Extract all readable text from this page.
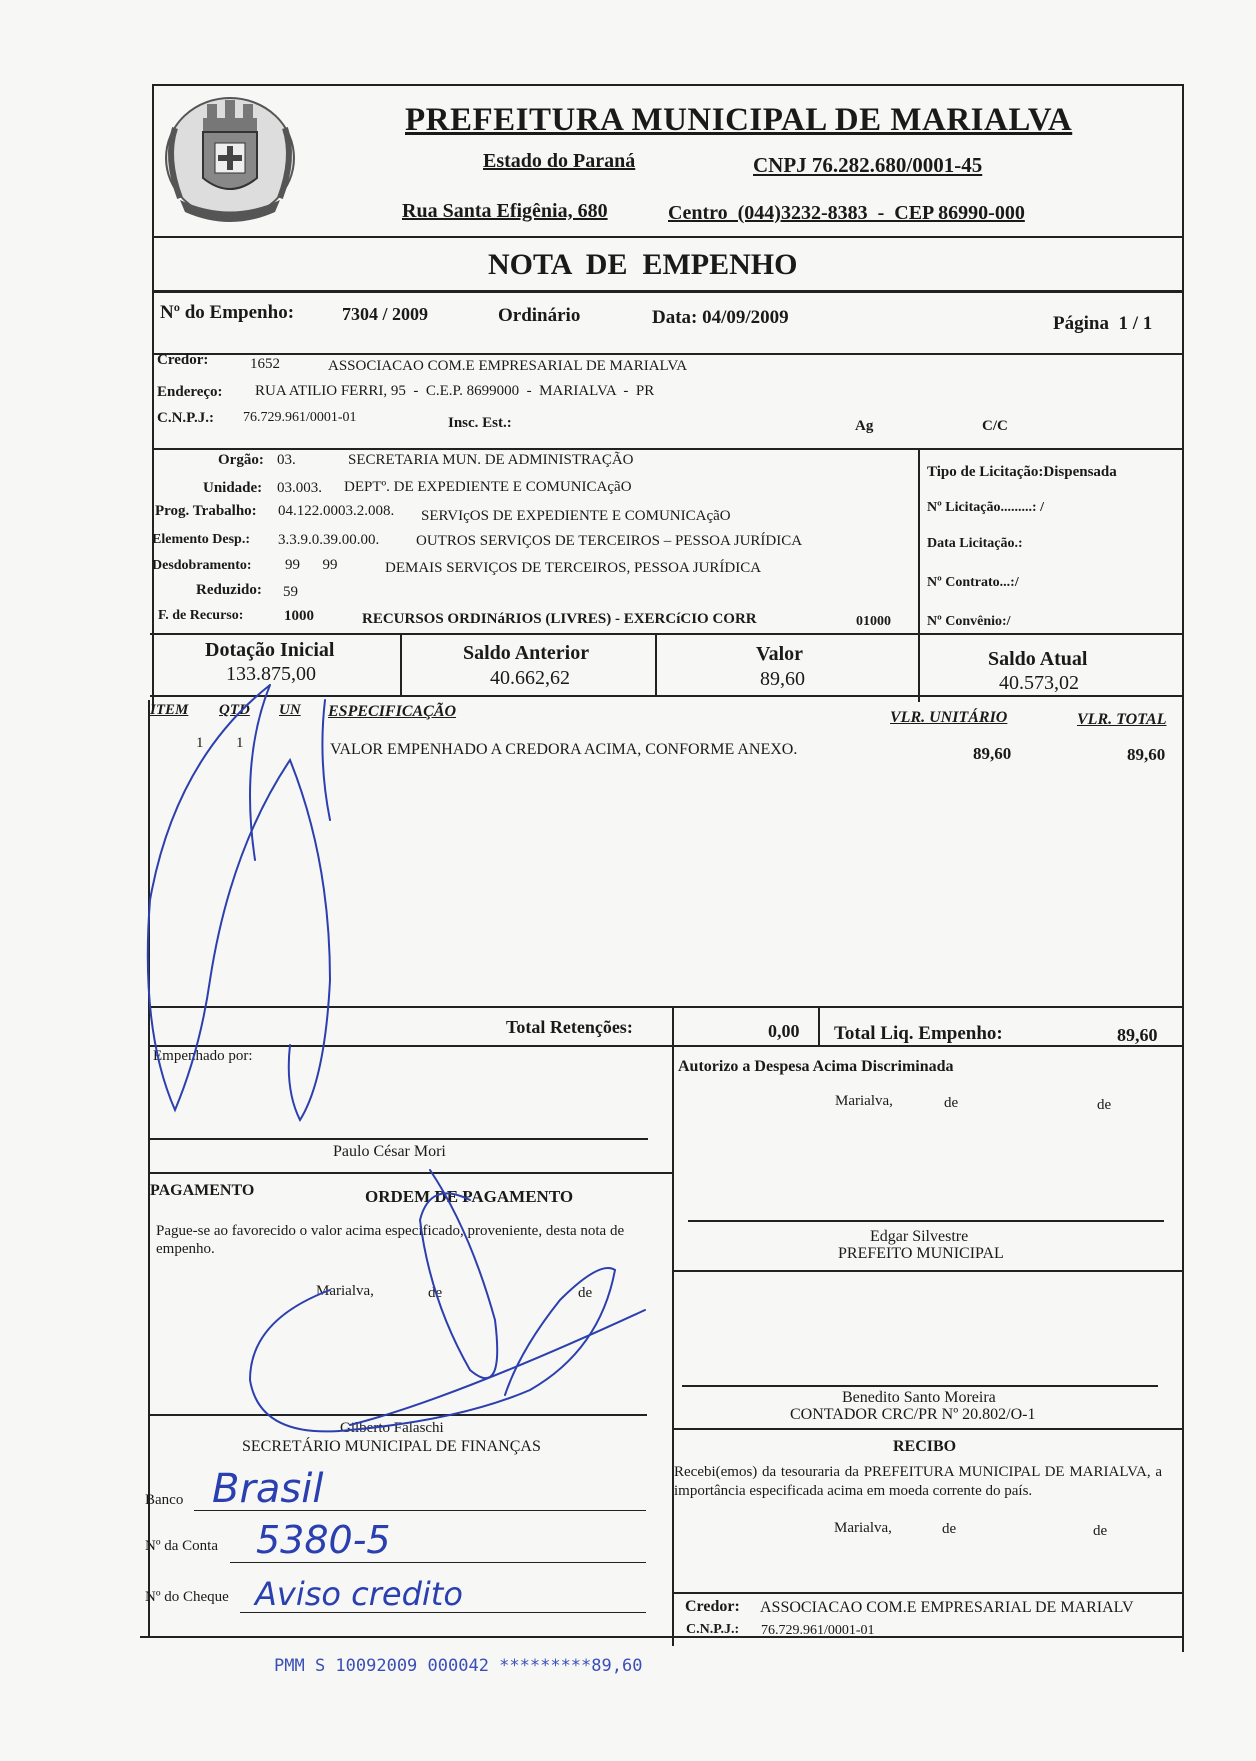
PREFEITURA MUNICIPAL DE MARIALVA
Estado do Paraná	CNPJ 76.282.680/0001-45
Rua Santa Efigênia, 680	Centro  (044)3232-8383  -  CEP 86990-000
NOTA  DE  EMPENHO
Nº do Empenho:	7304 / 2009	Ordinário	Data: 04/09/2009	Página  1 / 1
Credor:	1652	ASSOCIACAO COM.E EMPRESARIAL DE MARIALVA
Endereço: RUA ATILIO FERRI, 95  -  C.E.P. 8699000  -  MARIALVA  -  PR
C.N.P.J.: 76.729.961/0001-01	Insc. Est.:	Ag	C/C
Orgão: 03.	SECRETARIA MUN. DE ADMINISTRAÇÃO
Unidade: 03.003. DEPTº. DE EXPEDIENTE E COMUNICAçãO
Prog. Trabalho: 04.122.0003.2.008. SERVIçOS DE EXPEDIENTE E COMUNICAçãO
Elemento Desp.: 3.3.9.0.39.00.00. OUTROS SERVIÇOS DE TERCEIROS – PESSOA JURÍDICA
Desdobramento: 99      99	DEMAIS SERVIÇOS DE TERCEIROS, PESSOA JURÍDICA
Reduzido: 59
F. de Recurso:	1000	RECURSOS ORDINáRIOS (LIVRES) - EXERCíCIO CORR	01000
Tipo de Licitação:Dispensada
Nº Licitação.........: /
Data Licitação.:
Nº Contrato...:/
Nº Convênio:/
Dotação Inicial
133.875,00
Saldo Anterior
40.662,62
Valor
89,60
Saldo Atual
40.573,02
ITEM QTD UN ESPECIFICAÇÃO	VLR. UNITÁRIO	VLR. TOTAL
1 1	VALOR EMPENHADO A CREDORA ACIMA, CONFORME ANEXO.	89,60	89,60
Total Retenções:	0,00 Total Liq. Empenho:	89,60
Empenhado por:
Paulo César Mori
Autorizo a Despesa Acima Discriminada
Marialva,	de	de
Edgar Silvestre
PREFEITO MUNICIPAL
Benedito Santo Moreira
CONTADOR CRC/PR Nº 20.802/O-1
PAGAMENTO	ORDEM DE PAGAMENTO
Pague-se ao favorecido o valor acima especificado, proveniente, desta nota de empenho.
Marialva,	de	de
Gilberto Falaschi
SECRETÁRIO MUNICIPAL DE FINANÇAS
Banco Brasil
Nº da Conta 5380-5
Nº do Cheque Aviso credito
RECIBO
Recebi(emos) da tesouraria da PREFEITURA MUNICIPAL DE MARIALVA, a importância especificada acima em moeda corrente do país.
Marialva,	de	de
Credor: ASSOCIACAO COM.E EMPRESARIAL DE MARIALV
C.N.P.J.: 76.729.961/0001-01
PMM S 10092009 000042 *********89,60
